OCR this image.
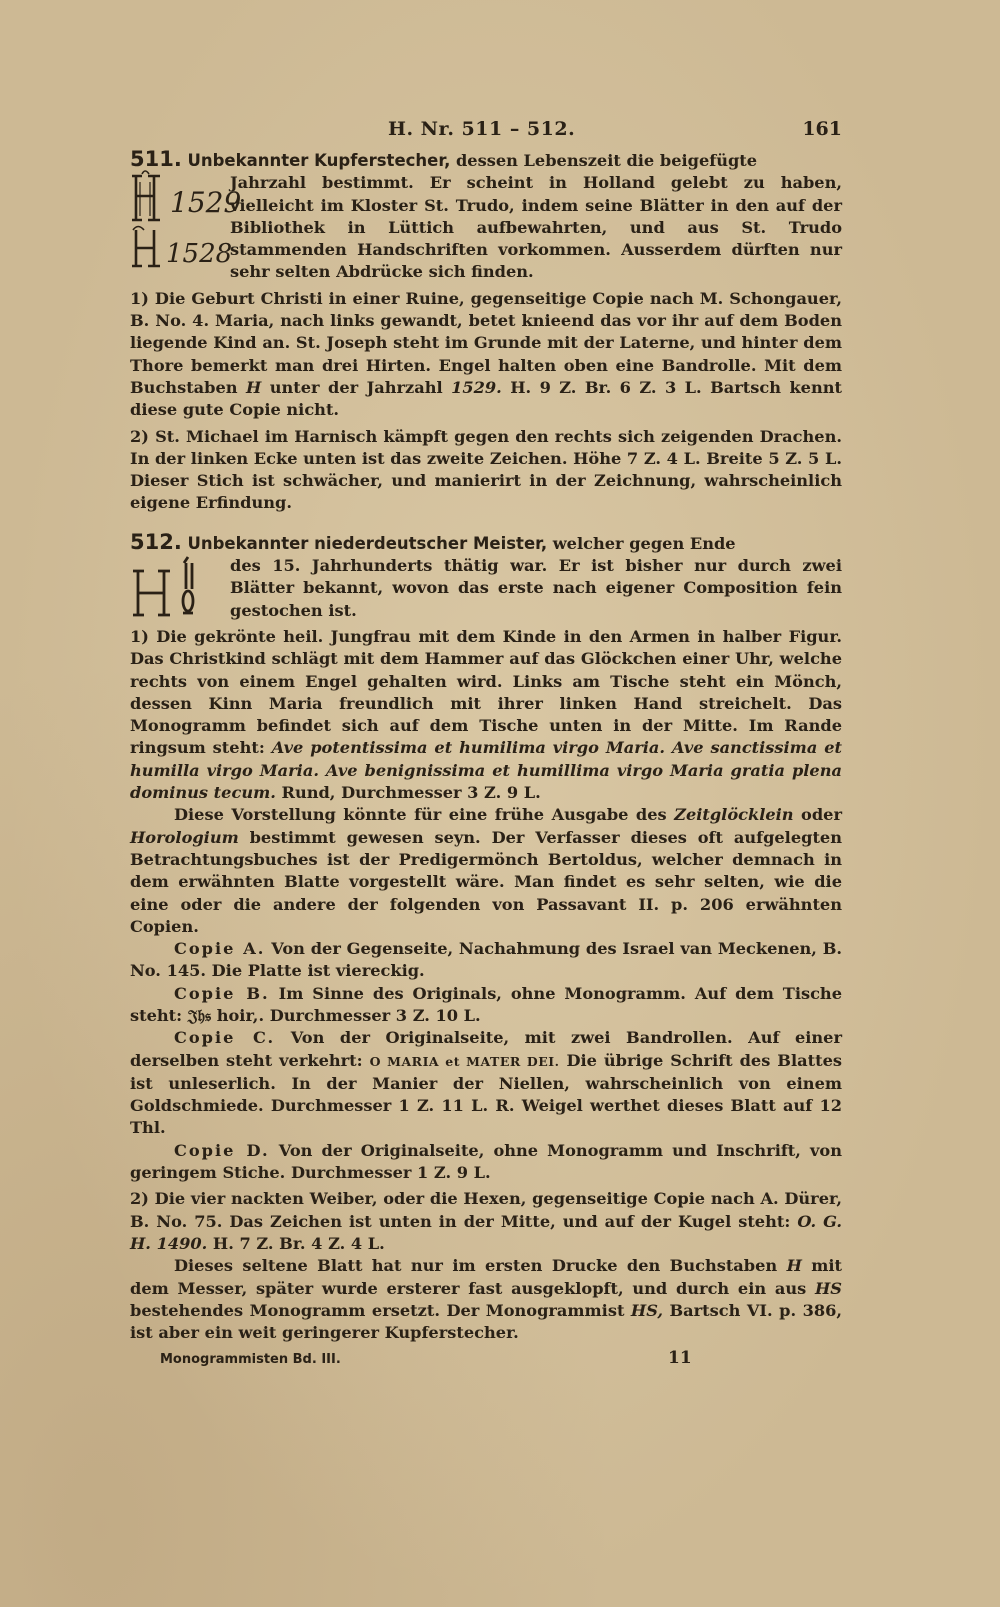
H. Nr. 511 – 512.	161

511. Unbekannter Kupferstecher, dessen Lebenszeit die beigefügte

1529
1528

Jahrzahl bestimmt. Er scheint in Holland gelebt zu haben, vielleicht im Kloster St. Trudo, indem seine Blätter in den auf der Bibliothek in Lüttich aufbewahrten, und aus St. Trudo stammenden Handschriften vorkommen. Ausserdem dürften nur sehr selten Abdrücke sich finden.

1) Die Geburt Christi in einer Ruine, gegenseitige Copie nach M. Schongauer, B. No. 4. Maria, nach links gewandt, betet knieend das vor ihr auf dem Boden liegende Kind an. St. Joseph steht im Grunde mit der Laterne, und hinter dem Thore bemerkt man drei Hirten. Engel halten oben eine Bandrolle. Mit dem Buchstaben H unter der Jahrzahl 1529. H. 9 Z. Br. 6 Z. 3 L. Bartsch kennt diese gute Copie nicht.

2) St. Michael im Harnisch kämpft gegen den rechts sich zeigenden Drachen. In der linken Ecke unten ist das zweite Zeichen. Höhe 7 Z. 4 L. Breite 5 Z. 5 L. Dieser Stich ist schwächer, und manierirt in der Zeichnung, wahrscheinlich eigene Erfindung.

512. Unbekannter niederdeutscher Meister, welcher gegen Ende

des 15. Jahrhunderts thätig war. Er ist bisher nur durch zwei Blätter bekannt, wovon das erste nach eigener Composition fein gestochen ist.

1) Die gekrönte heil. Jungfrau mit dem Kinde in den Armen in halber Figur. Das Christkind schlägt mit dem Hammer auf das Glöckchen einer Uhr, welche rechts von einem Engel gehalten wird. Links am Tische steht ein Mönch, dessen Kinn Maria freundlich mit ihrer linken Hand streichelt. Das Monogramm befindet sich auf dem Tische unten in der Mitte. Im Rande ringsum steht: Ave potentissima et humilima virgo Maria. Ave sanctissima et humilla virgo Maria. Ave benignissima et humillima virgo Maria gratia plena dominus tecum. Rund, Durchmesser 3 Z. 9 L.

Diese Vorstellung könnte für eine frühe Ausgabe des Zeitglöcklein oder Horologium bestimmt gewesen seyn. Der Verfasser dieses oft aufgelegten Betrachtungsbuches ist der Predigermönch Bertoldus, welcher demnach in dem erwähnten Blatte vorgestellt wäre. Man findet es sehr selten, wie die eine oder die andere der folgenden von Passavant II. p. 206 erwähnten Copien.

Copie A. Von der Gegenseite, Nachahmung des Israel van Meckenen, B. No. 145. Die Platte ist viereckig.

Copie B. Im Sinne des Originals, ohne Monogramm. Auf dem Tische steht: 𝔍𝔥𝔰 hoir,. Durchmesser 3 Z. 10 L.

Copie C. Von der Originalseite, mit zwei Bandrollen. Auf einer derselben steht verkehrt: O MARIA et MATER DEI. Die übrige Schrift des Blattes ist unleserlich. In der Manier der Niellen, wahrscheinlich von einem Goldschmiede. Durchmesser 1 Z. 11 L. R. Weigel werthet dieses Blatt auf 12 Thl.

Copie D. Von der Originalseite, ohne Monogramm und Inschrift, von geringem Stiche. Durchmesser 1 Z. 9 L.

2) Die vier nackten Weiber, oder die Hexen, gegenseitige Copie nach A. Dürer, B. No. 75. Das Zeichen ist unten in der Mitte, und auf der Kugel steht: O. G. H. 1490. H. 7 Z. Br. 4 Z. 4 L.

Dieses seltene Blatt hat nur im ersten Drucke den Buchstaben H mit dem Messer, später wurde ersterer fast ausgeklopft, und durch ein aus HS bestehendes Monogramm ersetzt. Der Monogrammist HS, Bartsch VI. p. 386, ist aber ein weit geringerer Kupferstecher.

Monogrammisten Bd. III.	11
